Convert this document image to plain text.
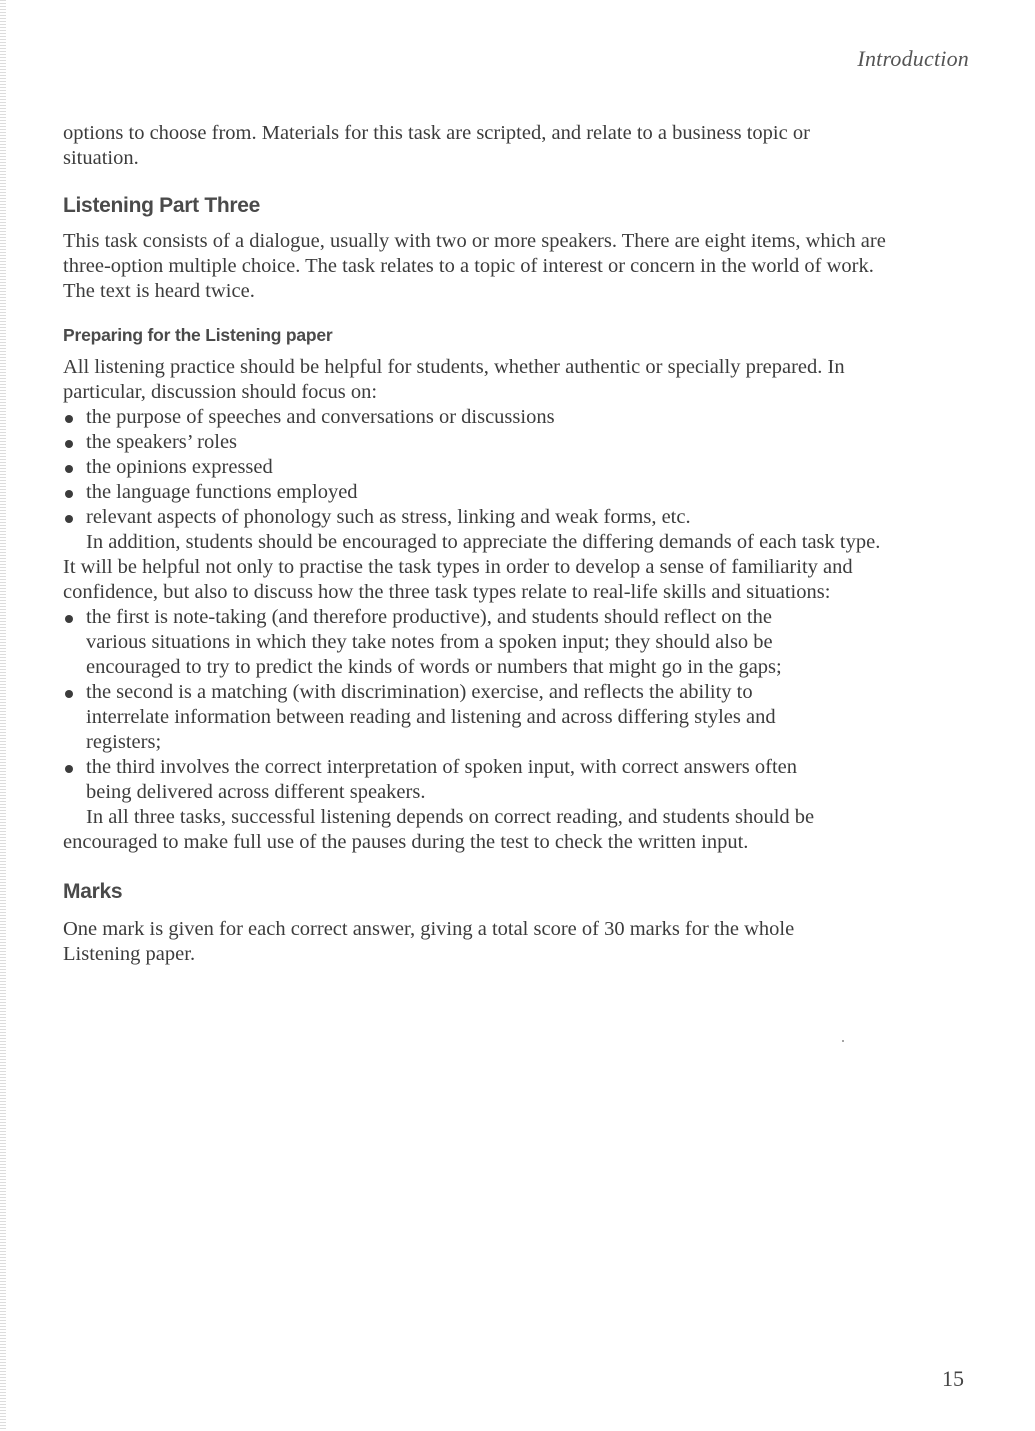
Introduction

options to choose from. Materials for this task are scripted, and relate to a business topic or situation.

Listening Part Three

This task consists of a dialogue, usually with two or more speakers. There are eight items, which are three-option multiple choice. The task relates to a topic of interest or concern in the world of work. The text is heard twice.

Preparing for the Listening paper

All listening practice should be helpful for students, whether authentic or specially prepared. In particular, discussion should focus on:

the purpose of speeches and conversations or discussions
the speakers’ roles
the opinions expressed
the language functions employed
relevant aspects of phonology such as stress, linking and weak forms, etc.

In addition, students should be encouraged to appreciate the differing demands of each task type. It will be helpful not only to practise the task types in order to develop a sense of familiarity and confidence, but also to discuss how the three task types relate to real-life skills and situations:

the first is note-taking (and therefore productive), and students should reflect on the various situations in which they take notes from a spoken input; they should also be encouraged to try to predict the kinds of words or numbers that might go in the gaps;
the second is a matching (with discrimination) exercise, and reflects the ability to interrelate information between reading and listening and across differing styles and registers;
the third involves the correct interpretation of spoken input, with correct answers often being delivered across different speakers.

In all three tasks, successful listening depends on correct reading, and students should be encouraged to make full use of the pauses during the test to check the written input.

Marks

One mark is given for each correct answer, giving a total score of 30 marks for the whole Listening paper.

15
